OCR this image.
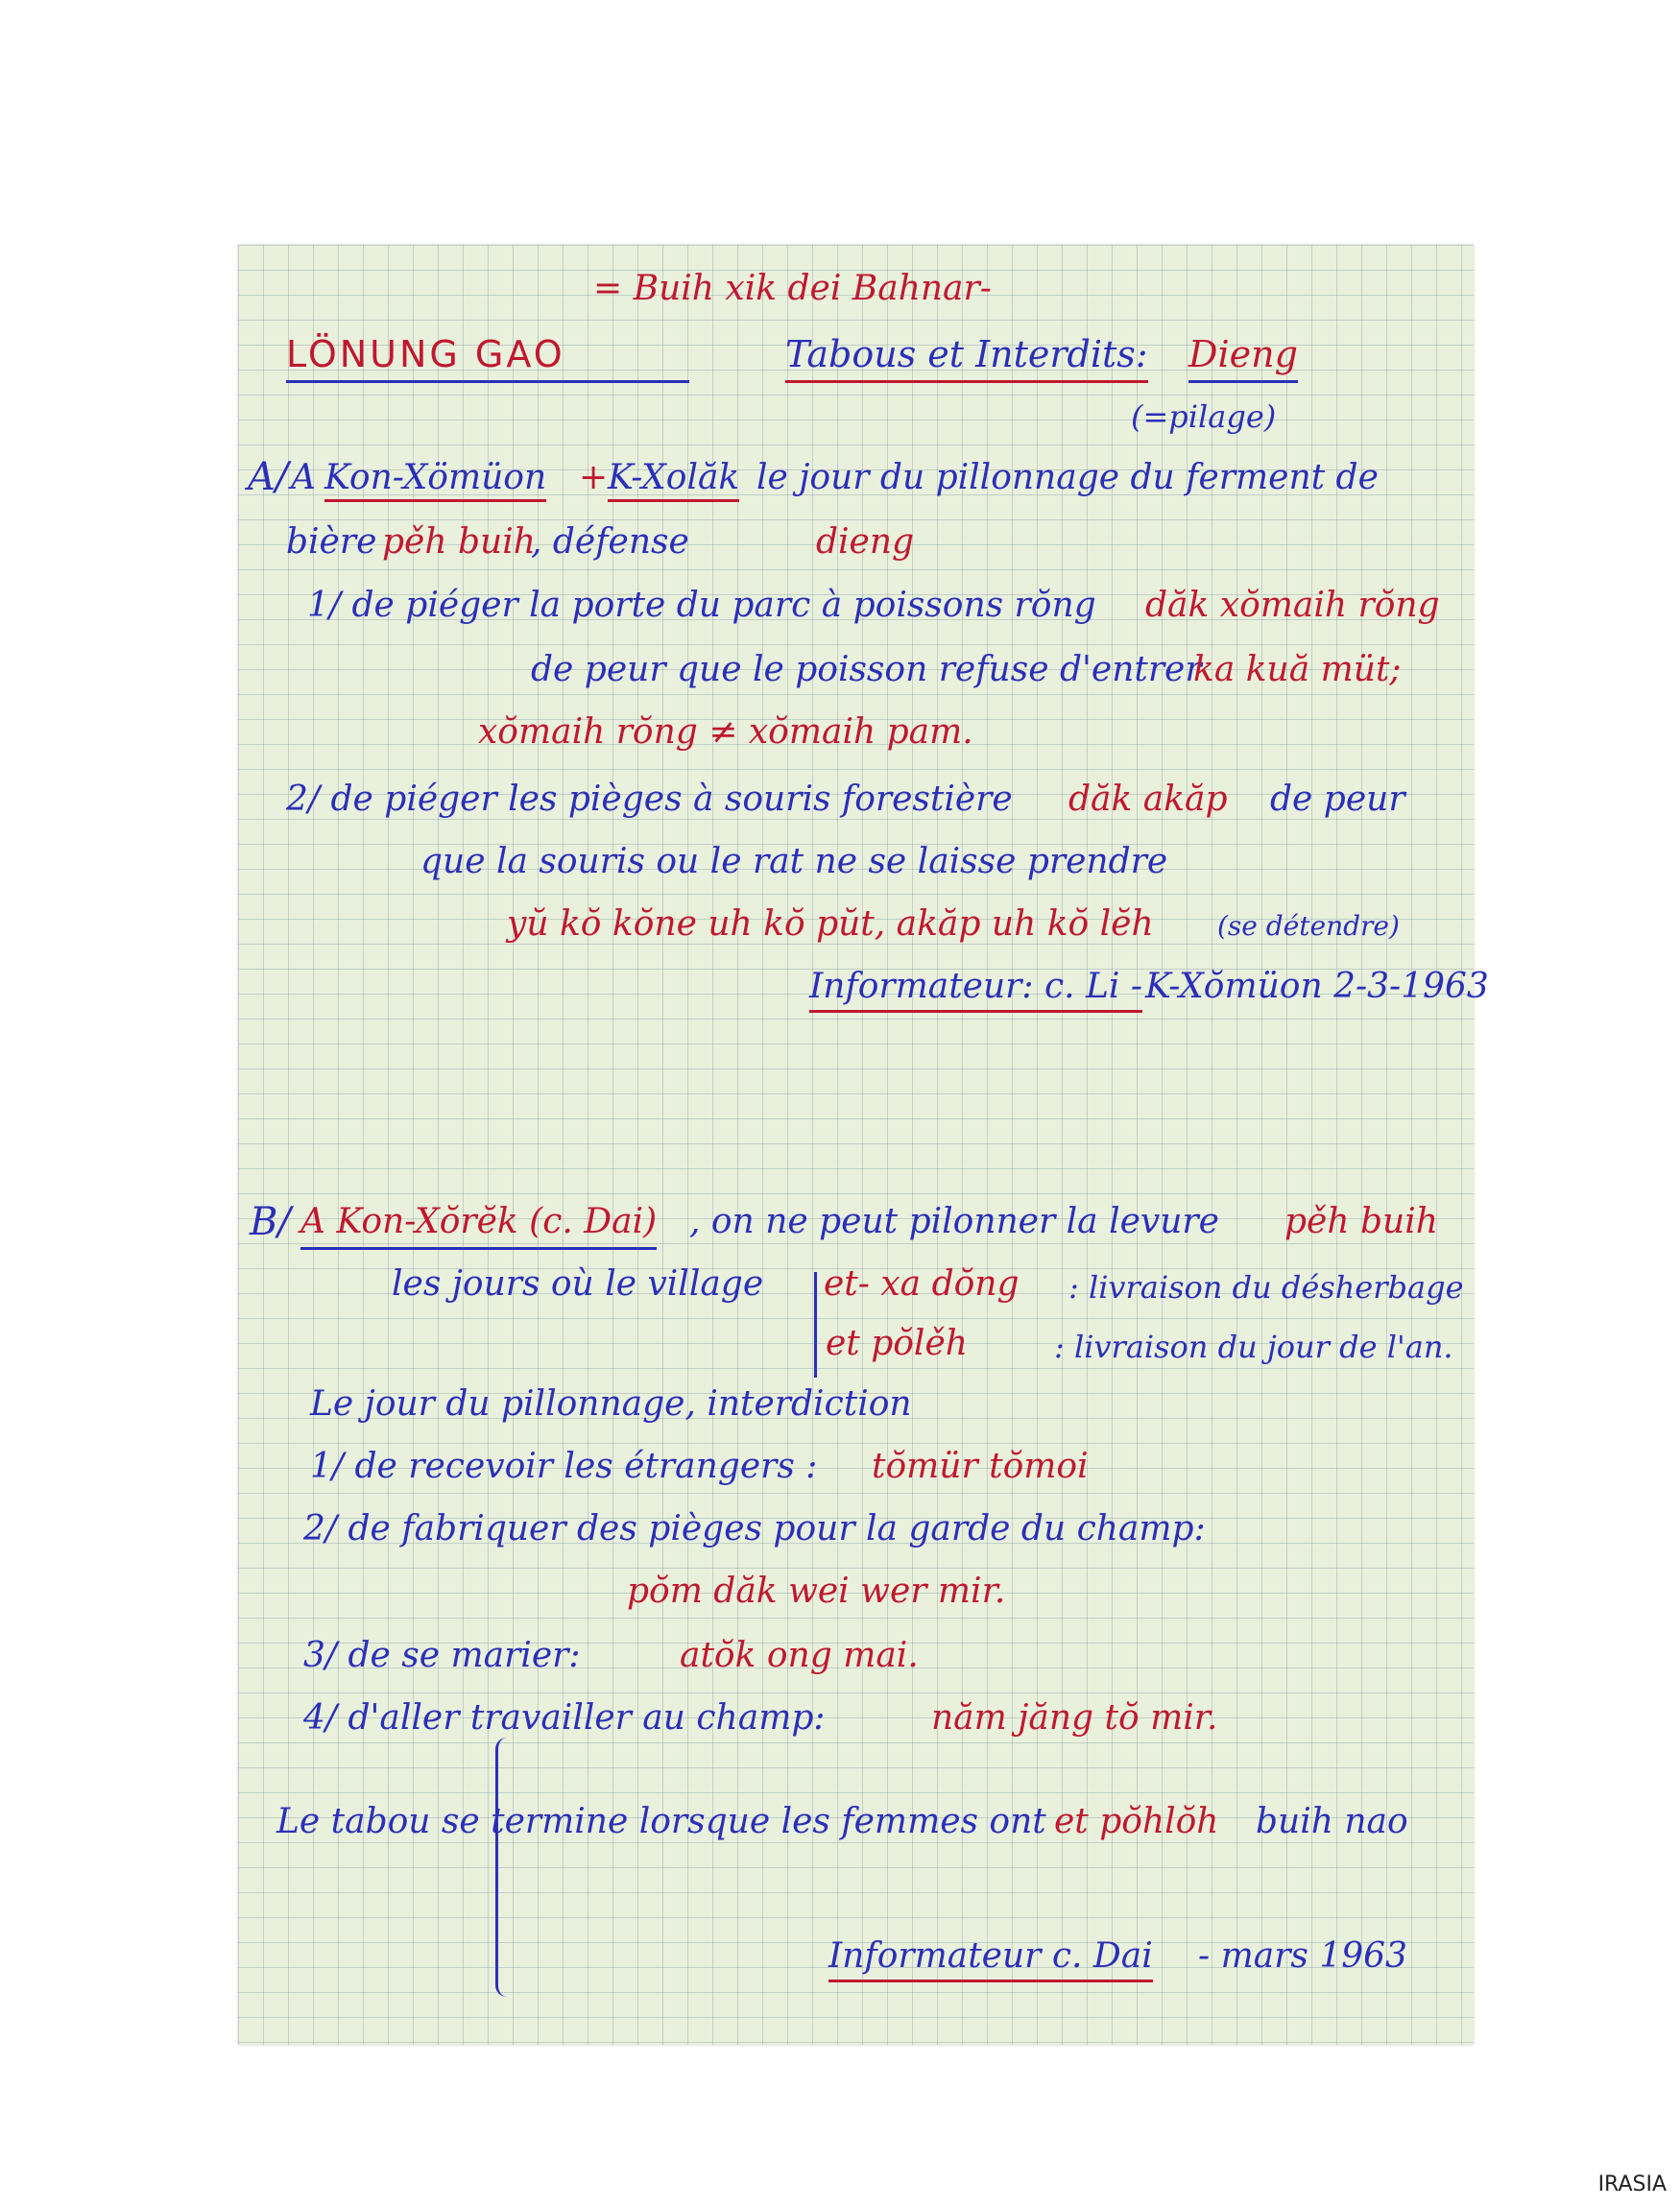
= Buih xik dei Bahnar-
LÖNUNG GAO	Tabous et Interdits: Dieng
(=pilage)
A/ A Kon-Xömüon + K-Xolăk le jour du pillonnage du ferment de
bière pěh buih
, défense	dieng
1/ de piéger la porte du parc à poissons rŏng dăk xŏmaih rŏng
de peur que le poisson refuse d'entrer
ka kuă müt;
xŏmaih rŏng ≠ xŏmaih pam.
2/ de piéger les pièges à souris forestière dăk akăp de peur
que la souris ou le rat ne se laisse prendre
yŭ kŏ kŏne uh kŏ pŭt, akăp uh kŏ lĕh (se détendre)
Informateur: c. Li - K-Xŏmüon 2-3-1963
B/ A Kon-Xŏrĕk (c. Dai) , on ne peut pilonner la levure pěh buih
les jours où le village et- xa dŏng : livraison du désherbage
et pŏlěh	: livraison du jour de l'an.
Le jour du pillonnage, interdiction
1/ de recevoir les étrangers : tŏmür tŏmoi
2/ de fabriquer des pièges pour la garde du champ:
pŏm dăk wei wer mir.
3/ de se marier:	atŏk ong mai.
4/ d'aller travailler au champ:	năm jăng tŏ mir.
Le tabou se termine lorsque les femmes ont et pŏhlŏh buih nao
Informateur c. Dai - mars 1963
IRASIA
